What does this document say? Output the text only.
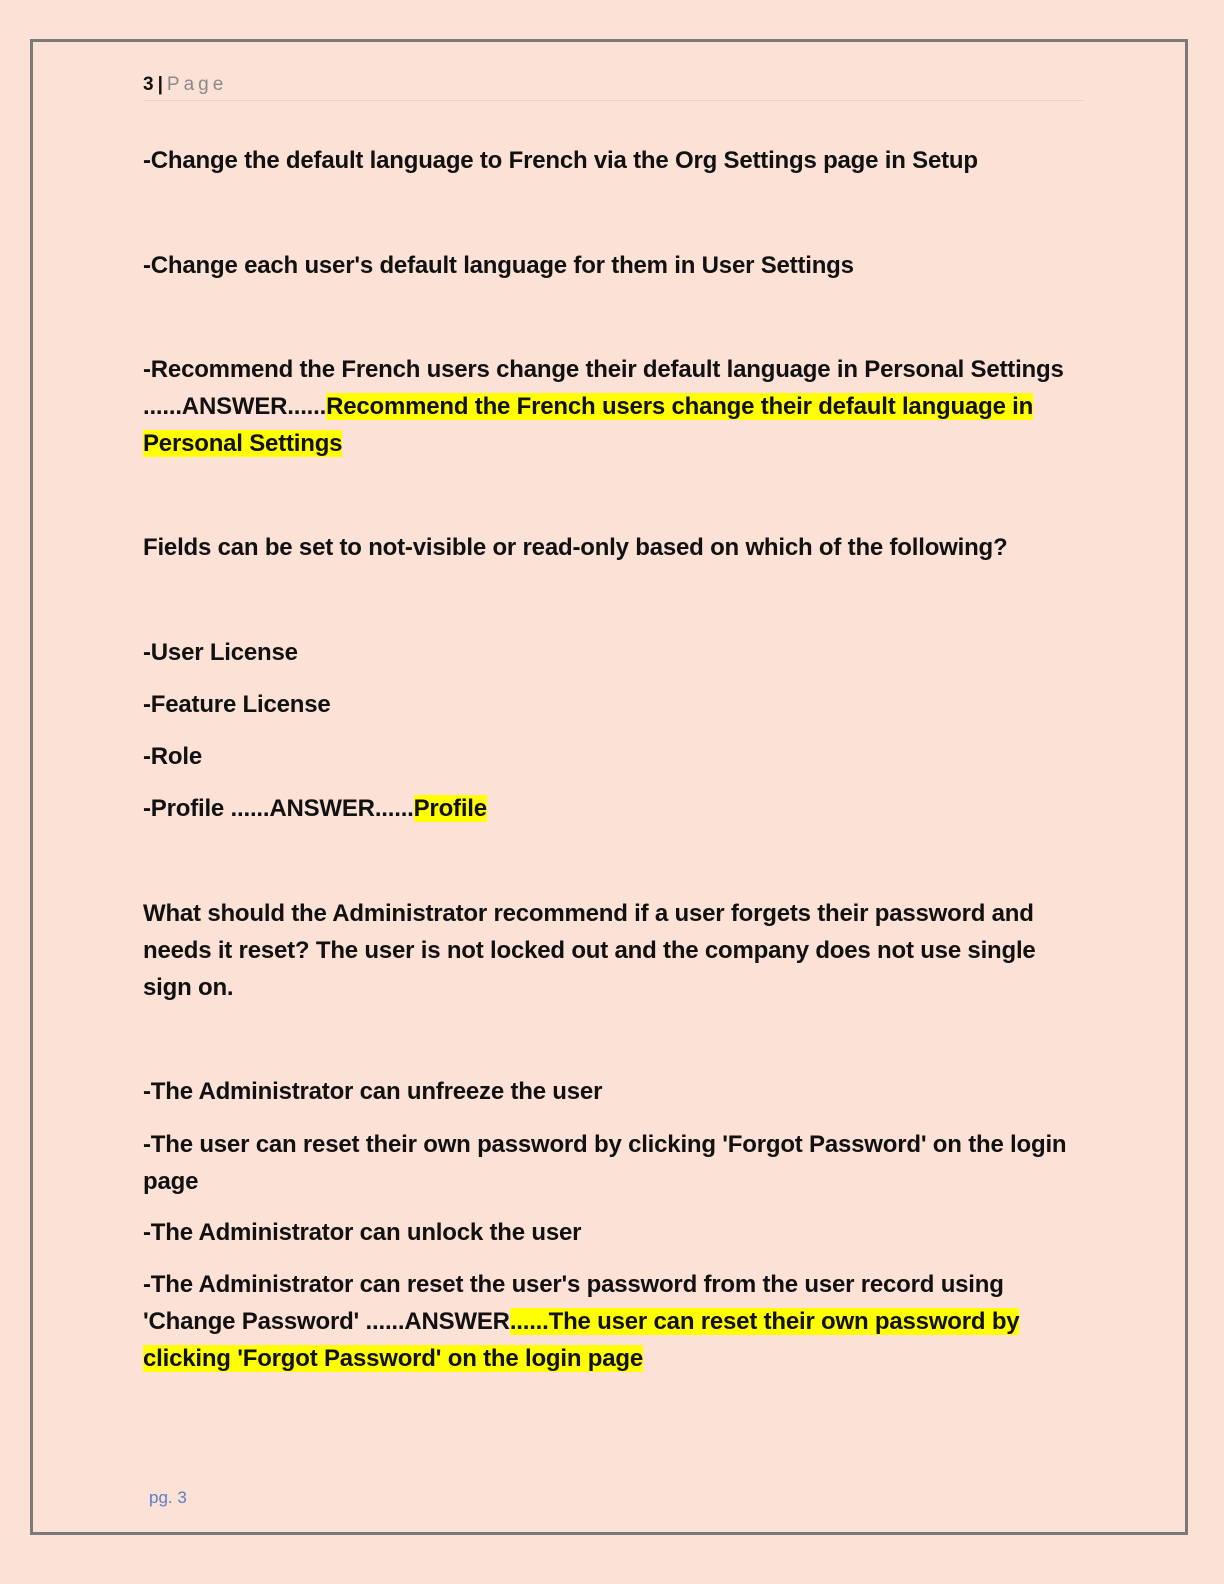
3 | Page
-Change the default language to French via the Org Settings page in Setup
-Change each user's default language for them in User Settings
-Recommend the French users change their default language in Personal Settings ......ANSWER......Recommend the French users change their default language in Personal Settings
Fields can be set to not-visible or read-only based on which of the following?
-User License
-Feature License
-Role
-Profile ......ANSWER......Profile
What should the Administrator recommend if a user forgets their password and needs it reset? The user is not locked out and the company does not use single sign on.
-The Administrator can unfreeze the user
-The user can reset their own password by clicking 'Forgot Password' on the login page
-The Administrator can unlock the user
-The Administrator can reset the user's password from the user record using 'Change Password' ......ANSWER......The user can reset their own password by clicking 'Forgot Password' on the login page
pg. 3
